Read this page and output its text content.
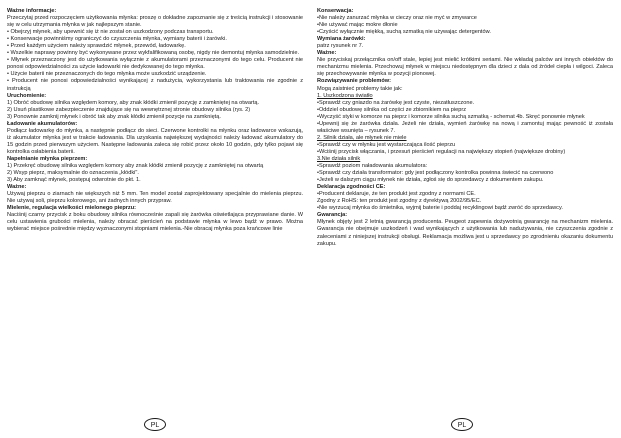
Ważne informacje:

Przeczytaj przed rozpoczęciem użytkowania młynka: proszę o dokładne zapoznanie się z treścią instrukcji i stosowanie się w celu utrzymania młynka w jak najlepszym stanie.

• Obejrzyj młynek, aby upewnić się iż nie został on uszkodzony podczas transportu.

• Konserwacje powinniśmy ograniczyć do czyszczenia młynka, wymiany baterii i żarówki.

• Przed każdym użyciem należy sprawdzić młynek, przewód, ładowarkę.

• Wszelkie naprawy powinny być wykonywane przez wykfalifikowaną osobę, nigdy nie demontuj młynka samodzielnie.

• Młynek przeznaczony jest do użytkowania wyłącznie z akumulatorami przeznaczonymi do tego celu. Producent nie ponosi odpowiedzialności za użycie ładowarki nie dedykowanej do tego młynka.

• Użycie baterii nie przeznaczonych do tego młynka może uszkodzić urządzenie.

• Producent nie ponosi odpowiedzialności wynikającej z nadużycia, wykorzystania lub traktowania nie zgodnie z instrukcją

Uruchomienie:

1) Obróć obudowę silnika względem komory, aby znak kłódki zmienił pozycję z zamkniętej na otwartą.

2) Usuń plastikowe zabezpieczenie znajdujące się na wewnętrznej stronie obudowy silnika (rys. 2)

3) Ponownie zamknij młynek i obróć tak aby znak kłódki zmienił pozycje na zamkniętą.

Ładowanie akumulatorów:

Podłącz ładowarkę do młynka, a następnie podłącz do sieci. Czerwone kontrolki na młynku oraz ładowarce wskazują, iż akumulator młynka jest w trakcie ładowania. Dla uzyskania największej wydajności należy ładować akumulatory do 15 godzin przed pierwszym użyciem. Następne ładowania zaleca się robić przez około 10 godzin, gdy tylko pojawi się kontrolka osłabienia baterii.

Napełnianie młynka pieprzem:

1) Przekręć obudowę silnika względem komory aby znak kłódki zmienił pozycję z zamkniętej na otwartą

2) Wsyp pieprz, maksymalnie do oznaczenia „kłódki".

3) Aby zamknąć młynek, postępuj odwrotnie do pkt. 1.

Ważne:

Używaj pieprzu o ziarnach nie większych niż 5 mm. Ten model został zaprojektowany specjalnie do mielenia pieprzu. Nie używaj soli, pieprzu kolorowego, ani żadnych innych przypraw.

Mielenie, regulacja wielkości mielonego pieprzu:

Naciśnij czarny przycisk z boku obudowy silnika równocześnie zapali się żarówka oświetlająca przyprawiane danie. W celu ustawienia grubości mielenia, należy obracać pierścień na podstawie młynka w lewo bądź w prawo. Można wybierać miejsce pośrednie między wyznaczonymi stopniami mielenia.-Nie obracaj młynka poza krańcowe linie

Konserwacja:

•Nie należy zanurzać młynka w cieczy oraz nie myć w zmywarce

•Nie używać mając mokre dłonie

•Czyścić wyłącznie miękką, suchą szmatką nie używając detergentów.

Wymiana żarówki:

patrz rysunek nr 7.

Ważne:

Nie przyciskaj przełącznika on/off stale, lepiej jest mielić krótkimi seriami. Nie wkładaj palców ani innych obiektów do mechanizmu mielenia. Przechowuj młynek w miejscu niedostępnym dla dzieci z dala od źródeł ciepła i wilgoci. Zaleca się przechowywanie młynka w pozycji pionowej.

Rozwiązywanie problemów:

Mogą zaistnieć problemy takie jak:

1. Uszkodzona światło

•Sprawdź czy gniazdo na żarówkę jest czyste, niezatłuszczone.

•Oddziel obudowę silnika od części ze zbiornikiem na pieprz

•Wyczyść styki w komorze na pieprz i komorze silnika suchą szmatką - schemat 4b. Skręć ponownie młynek

•Upewnij się że żarówka działa. Jeżeli nie działa, wymień żarówkę na nową i zamontuj mając pewność iż została właściwe wsunięta – rysunek 7.

2. Silnik działa, ale młynek nie miele

•Sprawdź czy w młynku jest wystarczająca ilość pieprzu

•Wciśnij przycisk włączania, i przesuń pierścień regulacji na największy stopień (największe drobiny)

3.Nie działa silnik

•Sprawdź poziom naładowania akumulatora:

•Sprawdź czy działa transformator: gdy jest podłączony kontrolka powinna świecić na czerwono

•Jeżeli w dalszym ciągu młynek nie działa, zgłoś się do sprzedawcy z dokumentem zakupu.

Deklaracja zgodności CE:

•Producent deklaruje, że ten produkt jest zgodny z normami CE.

Zgodny z RoHS: ten produkt jest zgodny z dyrektywą 2002/95/EC.

•Nie wyrzucaj młynka do śmietnika, wyjmij baterie i poddaj recyklingowi bądź zwróć do sprzedawcy.

Gwarancja:

Młynek objęty jest 2 letnią gwarancją producenta. Peugeot zapewnia dożywotnią gwarancję na mechanizm mielenia. Gwarancja nie obejmuje uszkodzeń i wad wynikających z użytkowania lub nadużywania, nie czyszczenia zgodnie z zaleceniami z niniejszej instrukcji obsługi. Reklamacja możliwa jest u sprzedawcy po zgrodnieniu okazaniu dokumentu zakupu.

PL	PL
